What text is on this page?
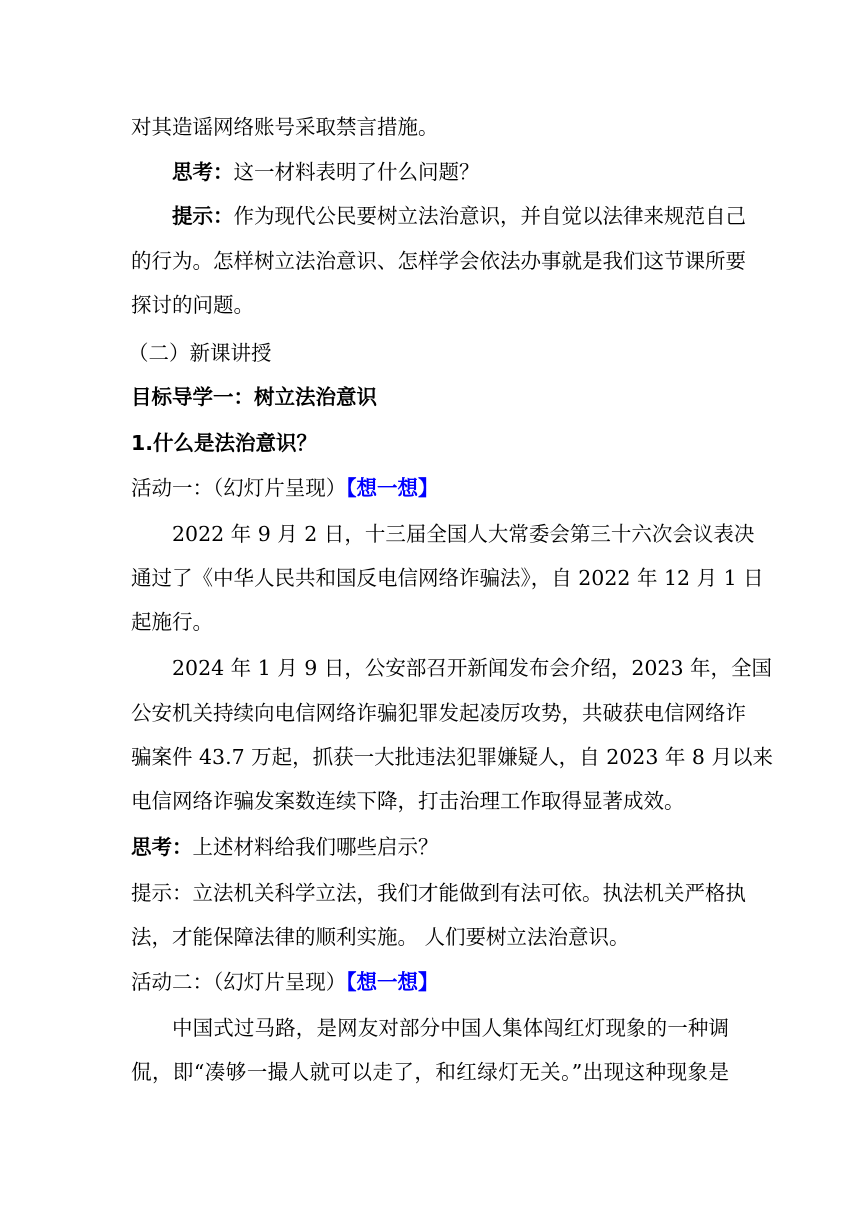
对其造谣网络账号采取禁言措施。
思考：这一材料表明了什么问题？
提示：作为现代公民要树立法治意识，并自觉以法律来规范自己
的行为。怎样树立法治意识、怎样学会依法办事就是我们这节课所要
探讨的问题。
（二）新课讲授
目标导学一：树立法治意识
1.什么是法治意识？
活动一：（幻灯片呈现）【想一想】
2022 年 9 月 2 日，十三届全国人大常委会第三十六次会议表决
通过了《中华人民共和国反电信网络诈骗法》，自 2022 年 12 月 1 日
起施行。
2024 年 1 月 9 日，公安部召开新闻发布会介绍，2023 年，全国
公安机关持续向电信网络诈骗犯罪发起凌厉攻势，共破获电信网络诈
骗案件 43.7 万起，抓获一大批违法犯罪嫌疑人，自 2023 年 8 月以来
电信网络诈骗发案数连续下降，打击治理工作取得显著成效。
思考：上述材料给我们哪些启示？
提示：立法机关科学立法，我们才能做到有法可依。执法机关严格执
法，才能保障法律的顺利实施。 人们要树立法治意识。
活动二：（幻灯片呈现）【想一想】
中国式过马路，是网友对部分中国人集体闯红灯现象的一种调
侃，即“凑够一撮人就可以走了，和红绿灯无关。”出现这种现象是
